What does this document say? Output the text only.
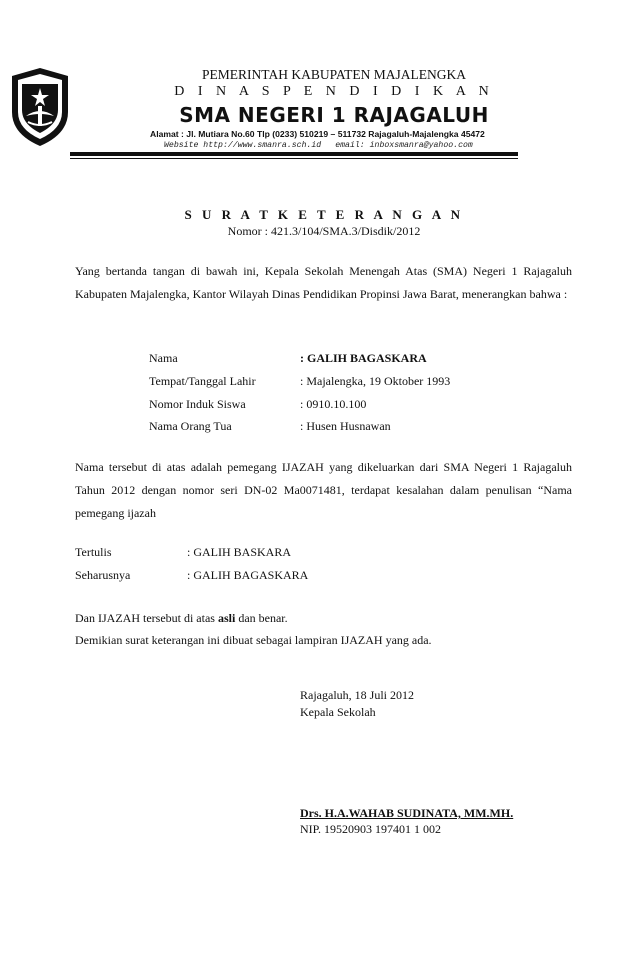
PEMERINTAH KABUPATEN MAJALENGKA
D I N A S P E N D I D I K A N
SMA NEGERI 1 RAJAGALUH
Alamat : Jl. Mutiara No.60 Tlp (0233) 510219 – 511732 Rajagaluh-Majalengka 45472
Website http://www.smanra.sch.id email: inboxsmanra@yahoo.com
S U R A T K E T E R A N G A N
Nomor : 421.3/104/SMA.3/Disdik/2012
Yang bertanda tangan di bawah ini, Kepala Sekolah Menengah Atas (SMA) Negeri 1 Rajagaluh Kabupaten Majalengka, Kantor Wilayah Dinas Pendidikan Propinsi Jawa Barat, menerangkan bahwa :
Nama	: GALIH BAGASKARA
Tempat/Tanggal Lahir	: Majalengka, 19 Oktober 1993
Nomor Induk Siswa	: 0910.10.100
Nama Orang Tua	: Husen Husnawan
Nama tersebut di atas adalah pemegang IJAZAH yang dikeluarkan dari SMA Negeri 1 Rajagaluh Tahun 2012 dengan nomor seri DN-02 Ma0071481, terdapat kesalahan dalam penulisan “Nama pemegang ijazah
Tertulis	: GALIH BASKARA
Seharusnya	: GALIH BAGASKARA
Dan IJAZAH tersebut di atas asli dan benar.
Demikian surat keterangan ini dibuat sebagai lampiran IJAZAH yang ada.
Rajagaluh, 18 Juli 2012
Kepala Sekolah
Drs. H.A.WAHAB SUDINATA, MM.MH.
NIP. 19520903 197401 1 002
